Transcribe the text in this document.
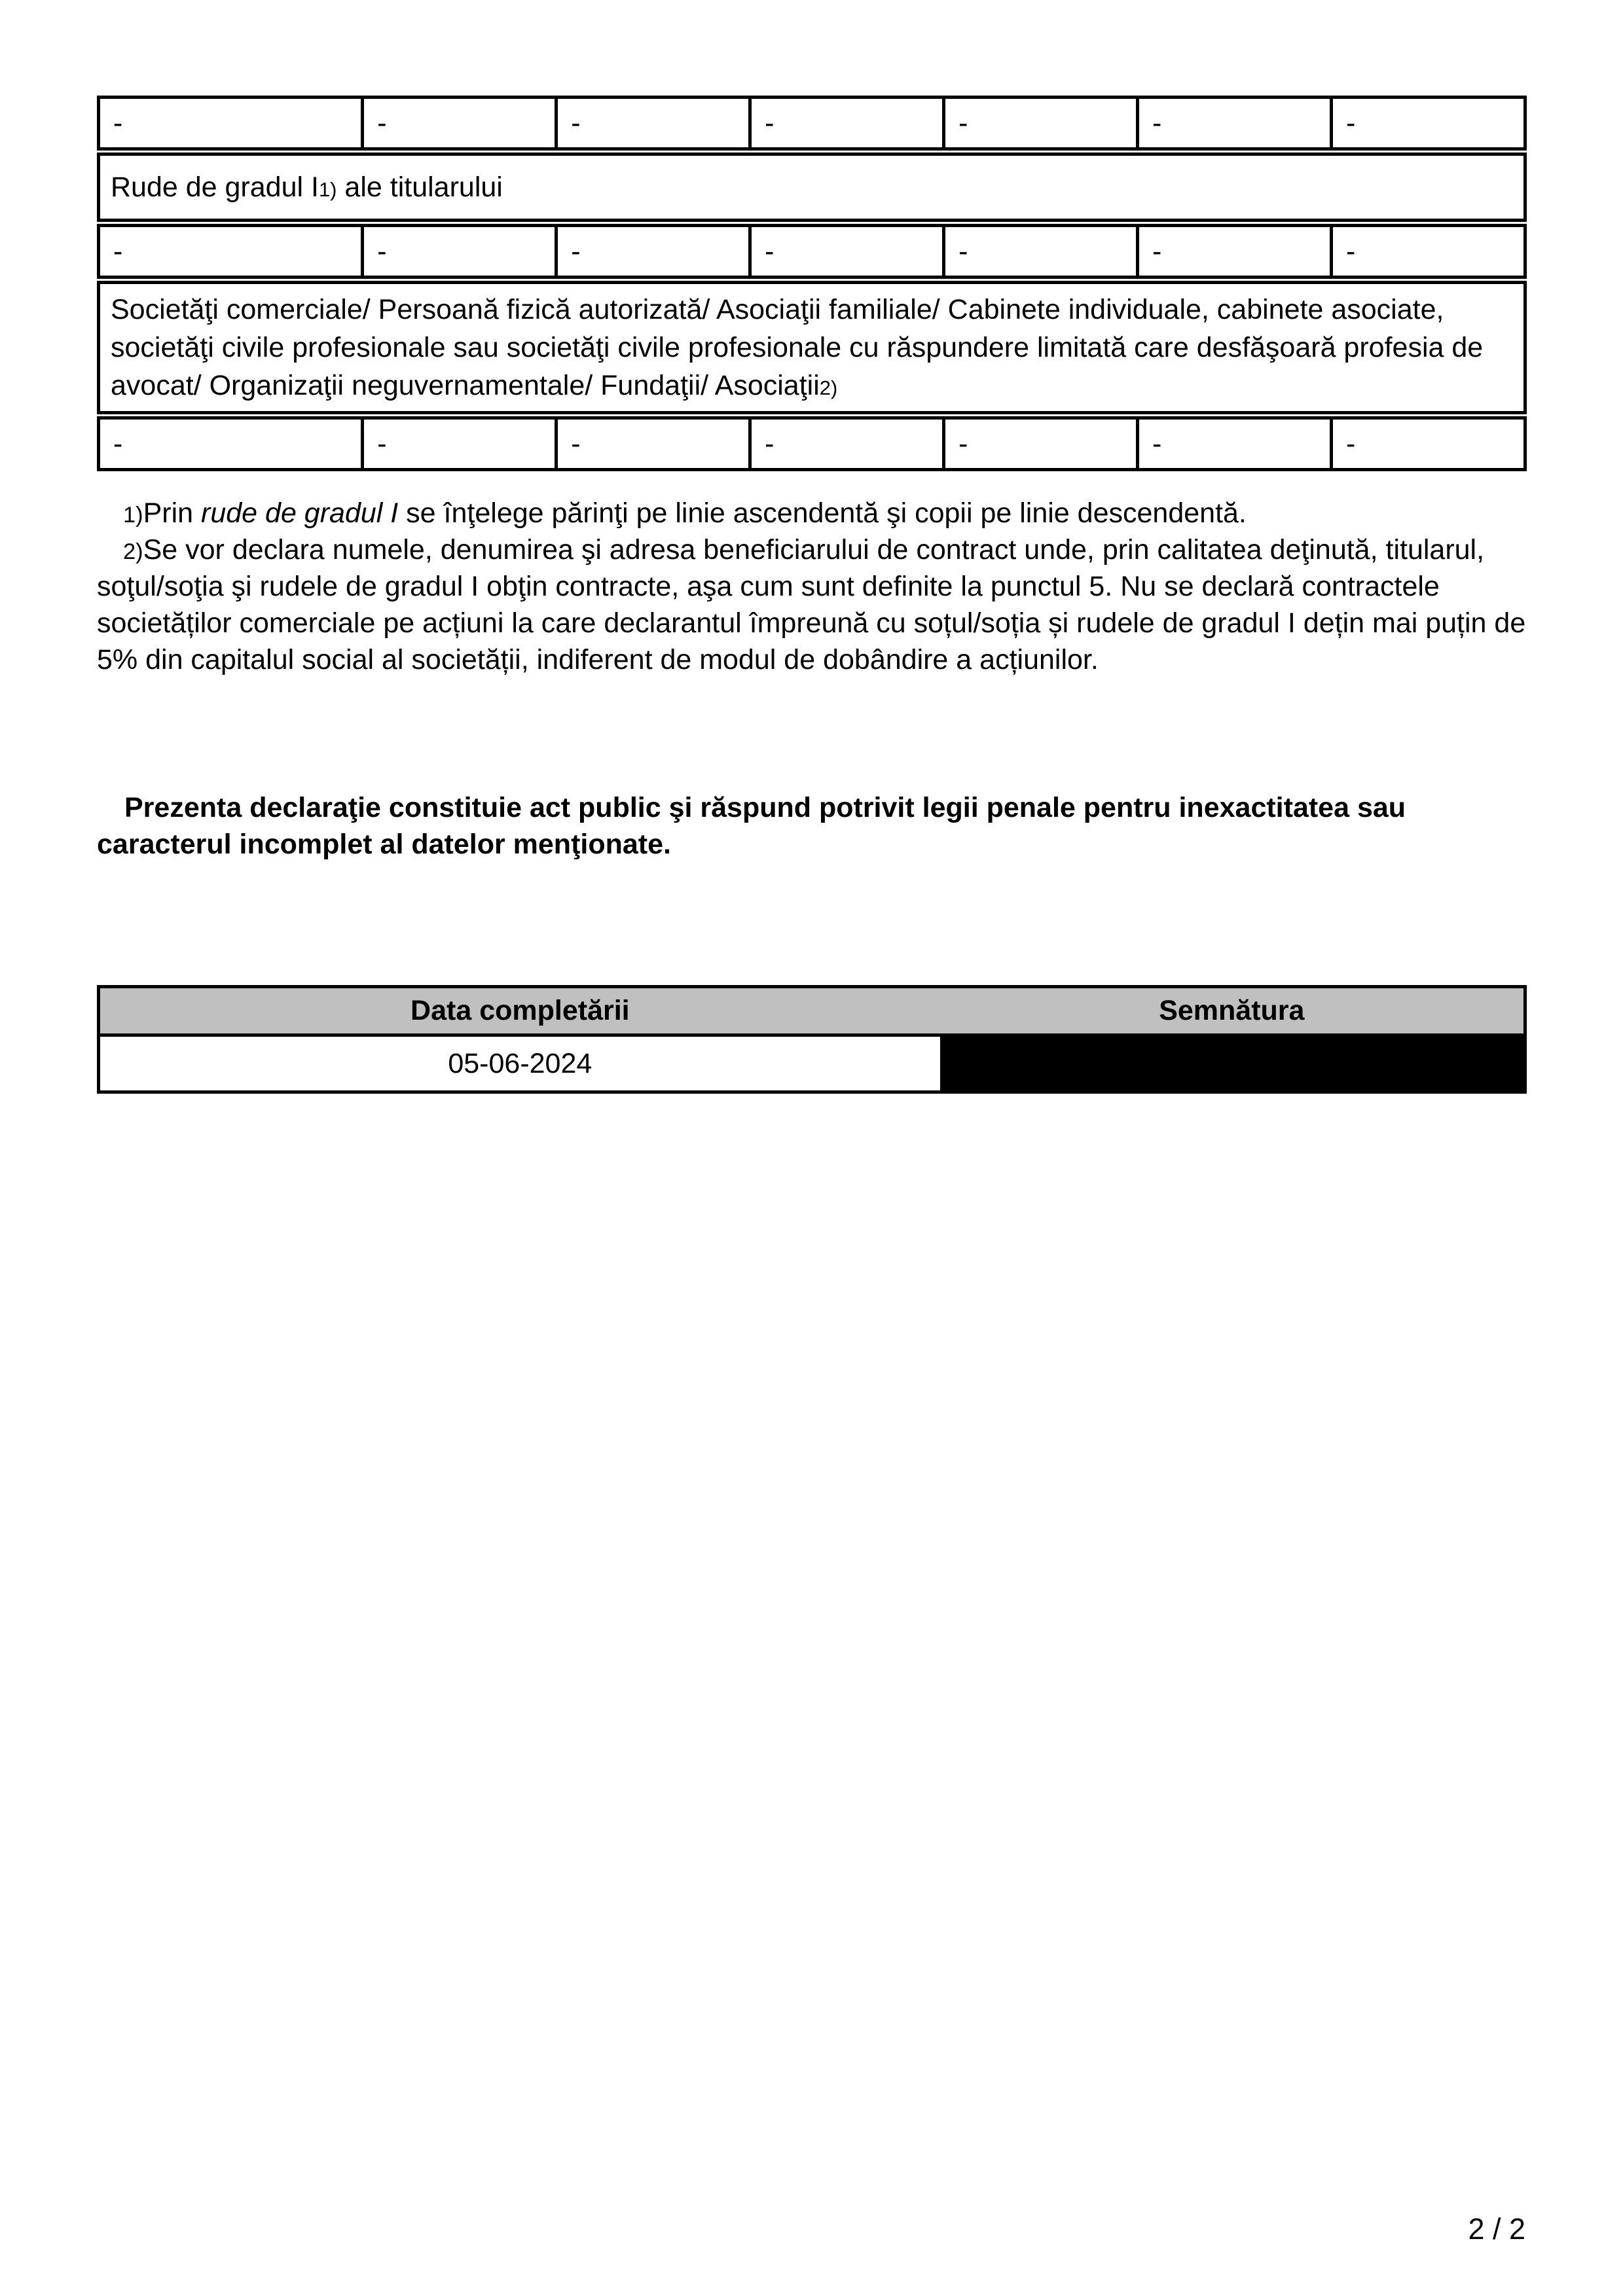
-	-	-	-	-	-	-
Rude de gradul $I^{1)}$ ale titularului
-	-	-	-	-	-	-
Societăţi comerciale/ Persoană fizică autorizată/ Asociaţii familiale/ Cabinete individuale, cabinete asociate, societăţi civile profesionale sau societăţi civile profesionale cu răspundere limitată care desfăşoară profesia de avocat/ Organizaţii neguvernamentale/ Fundaţii/ Asociaţii$^{2)}$
-	-	-	-	-	-	-

$^{1)}$Prin rude de gradul I se înţelege părinţi pe linie ascendentă şi copii pe linie descendentă.

$^{2)}$Se vor declara numele, denumirea şi adresa beneficiarului de contract unde, prin calitatea deţinută, titularul, soţul/soţia şi rudele de gradul I obţin contracte, aşa cum sunt definite la punctul 5. Nu se declară contractele societăților comerciale pe acțiuni la care declarantul împreună cu soțul/soția și rudele de gradul I dețin mai puțin de 5% din capitalul social al societății, indiferent de modul de dobândire a acțiunilor.

Prezenta declaraţie constituie act public şi răspund potrivit legii penale pentru inexactitatea sau caracterul incomplet al datelor menţionate.

Data completării	Semnătura
05-06-2024
2 / 2
